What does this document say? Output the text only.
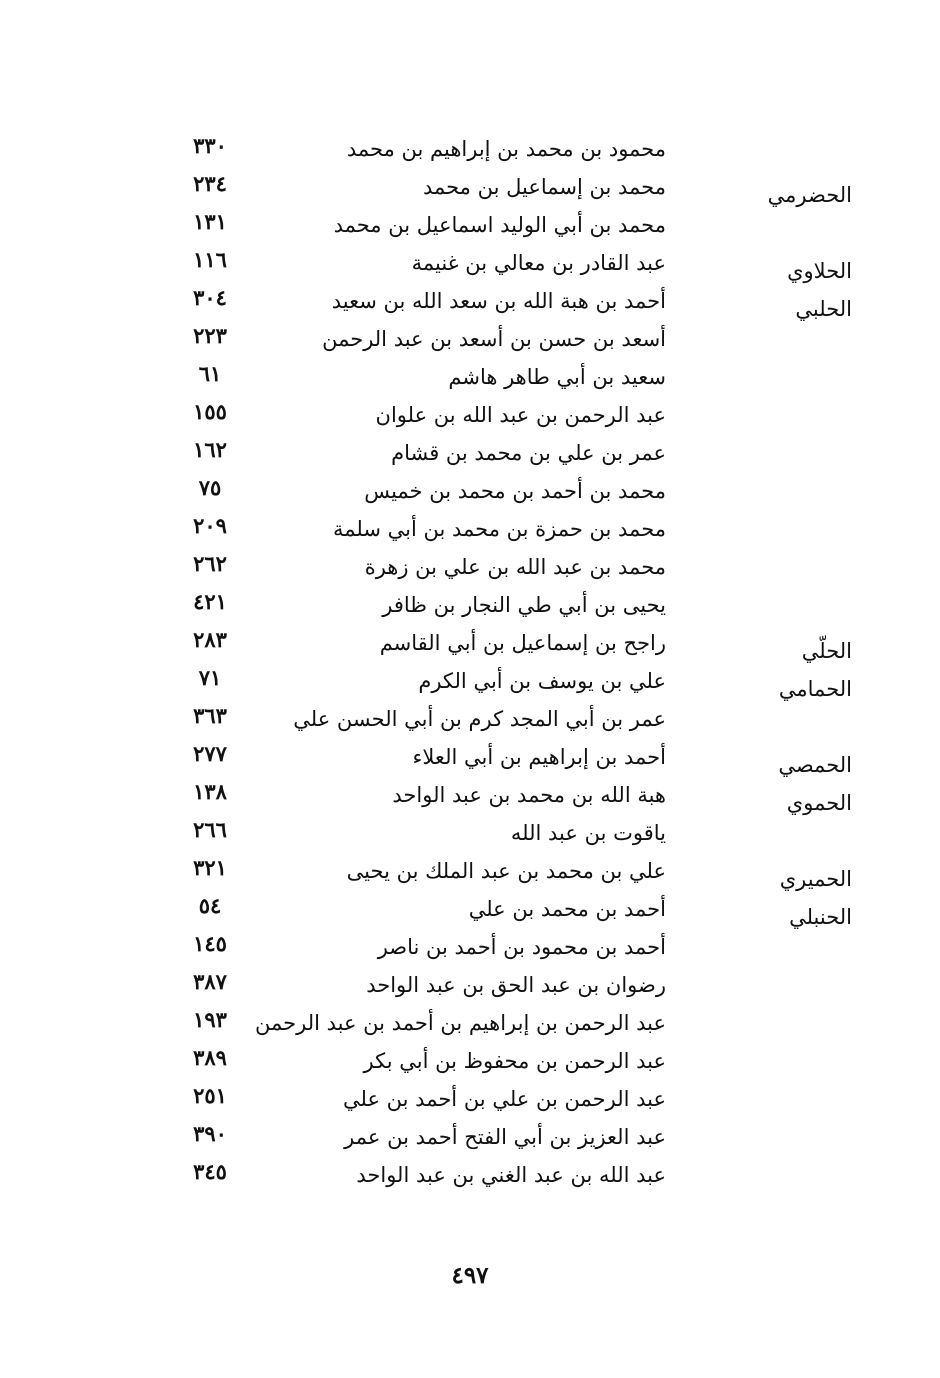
محمود بن محمد بن إبراهيم بن محمد
٣٣٠
الحضرمي
محمد بن إسماعيل بن محمد
٢٣٤
محمد بن أبي الوليد اسماعيل بن محمد
١٣١
الحلاوي
عبد القادر بن معالي بن غنيمة
١١٦
الحلبي
أحمد بن هبة الله بن سعد الله بن سعيد
٣٠٤
أسعد بن حسن بن أسعد بن عبد الرحمن
٢٢٣
سعيد بن أبي طاهر هاشم
٦١
عبد الرحمن بن عبد الله بن علوان
١٥٥
عمر بن علي بن محمد بن قشام
١٦٢
محمد بن أحمد بن محمد بن خميس
٧٥
محمد بن حمزة بن محمد بن أبي سلمة
٢٠٩
محمد بن عبد الله بن علي بن زهرة
٢٦٢
يحيى بن أبي طي النجار بن ظافر
٤٢١
الحلّي
راجح بن إسماعيل بن أبي القاسم
٢٨٣
الحمامي
علي بن يوسف بن أبي الكرم
٧١
عمر بن أبي المجد كرم بن أبي الحسن علي
٣٦٣
الحمصي
أحمد بن إبراهيم بن أبي العلاء
٢٧٧
الحموي
هبة الله بن محمد بن عبد الواحد
١٣٨
ياقوت بن عبد الله
٢٦٦
الحميري
علي بن محمد بن عبد الملك بن يحيى
٣٢١
الحنبلي
أحمد بن محمد بن علي
٥٤
أحمد بن محمود بن أحمد بن ناصر
١٤٥
رضوان بن عبد الحق بن عبد الواحد
٣٨٧
عبد الرحمن بن إبراهيم بن أحمد بن عبد الرحمن
١٩٣
عبد الرحمن بن محفوظ بن أبي بكر
٣٨٩
عبد الرحمن بن علي بن أحمد بن علي
٢٥١
عبد العزيز بن أبي الفتح أحمد بن عمر
٣٩٠
عبد الله بن عبد الغني بن عبد الواحد
٣٤٥
٤٩٧
